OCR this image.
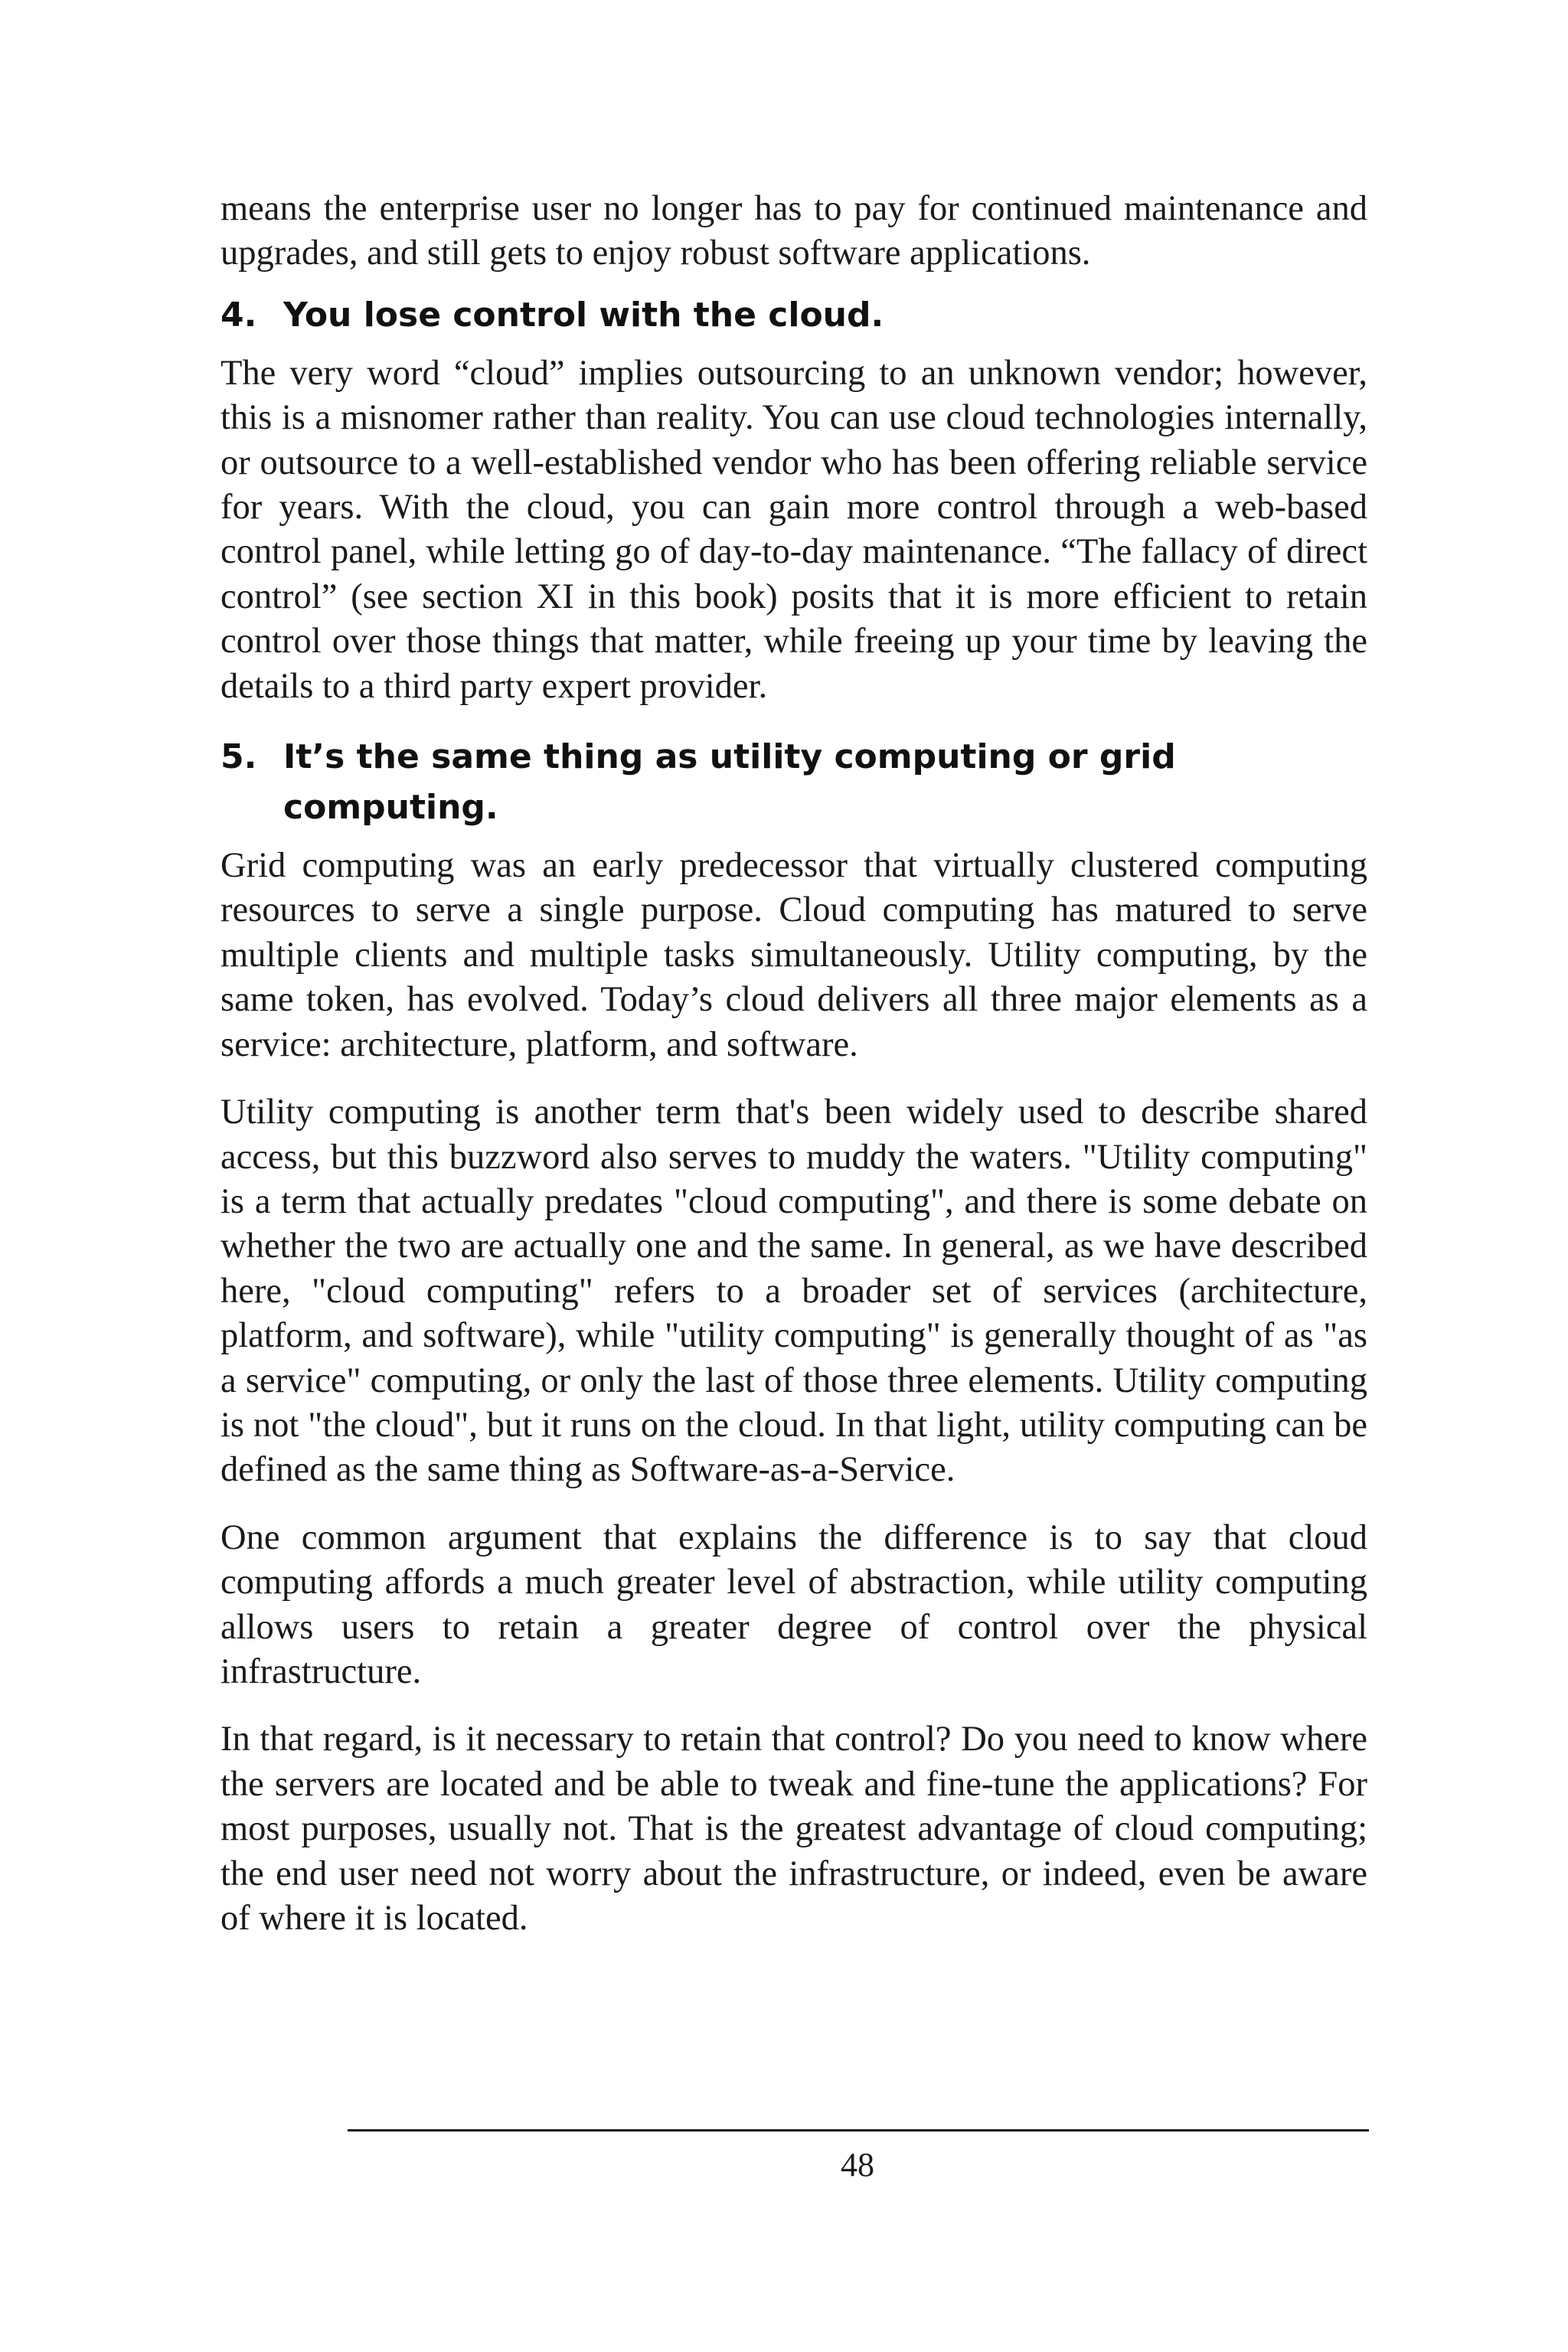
means the enterprise user no longer has to pay for continued maintenance and upgrades, and still gets to enjoy robust software applications.

4. You lose control with the cloud.

The very word “cloud” implies outsourcing to an unknown vendor; however, this is a misnomer rather than reality. You can use cloud technologies internally, or outsource to a well-established vendor who has been offering reliable service for years. With the cloud, you can gain more control through a web-based control panel, while letting go of day-to-day maintenance. “The fallacy of direct control” (see section XI in this book) posits that it is more efficient to retain control over those things that matter, while freeing up your time by leaving the details to a third party expert provider.

5. It’s the same thing as utility computing or grid computing.

Grid computing was an early predecessor that virtually clustered computing resources to serve a single purpose. Cloud computing has matured to serve multiple clients and multiple tasks simultaneously. Utility computing, by the same token, has evolved. Today’s cloud delivers all three major elements as a service: architecture, platform, and software.

Utility computing is another term that's been widely used to describe shared access, but this buzzword also serves to muddy the waters. "Utility computing" is a term that actually predates "cloud computing", and there is some debate on whether the two are actually one and the same. In general, as we have described here, "cloud computing" refers to a broader set of services (architecture, platform, and software), while "utility computing" is generally thought of as "as a service" computing, or only the last of those three elements. Utility computing is not "the cloud", but it runs on the cloud. In that light, utility computing can be defined as the same thing as Software-as-a-Service.

One common argument that explains the difference is to say that cloud computing affords a much greater level of abstraction, while utility computing allows users to retain a greater degree of control over the physical infrastructure.

In that regard, is it necessary to retain that control? Do you need to know where the servers are located and be able to tweak and fine-tune the applications? For most purposes, usually not. That is the greatest advantage of cloud computing; the end user need not worry about the infrastructure, or indeed, even be aware of where it is located.

48
